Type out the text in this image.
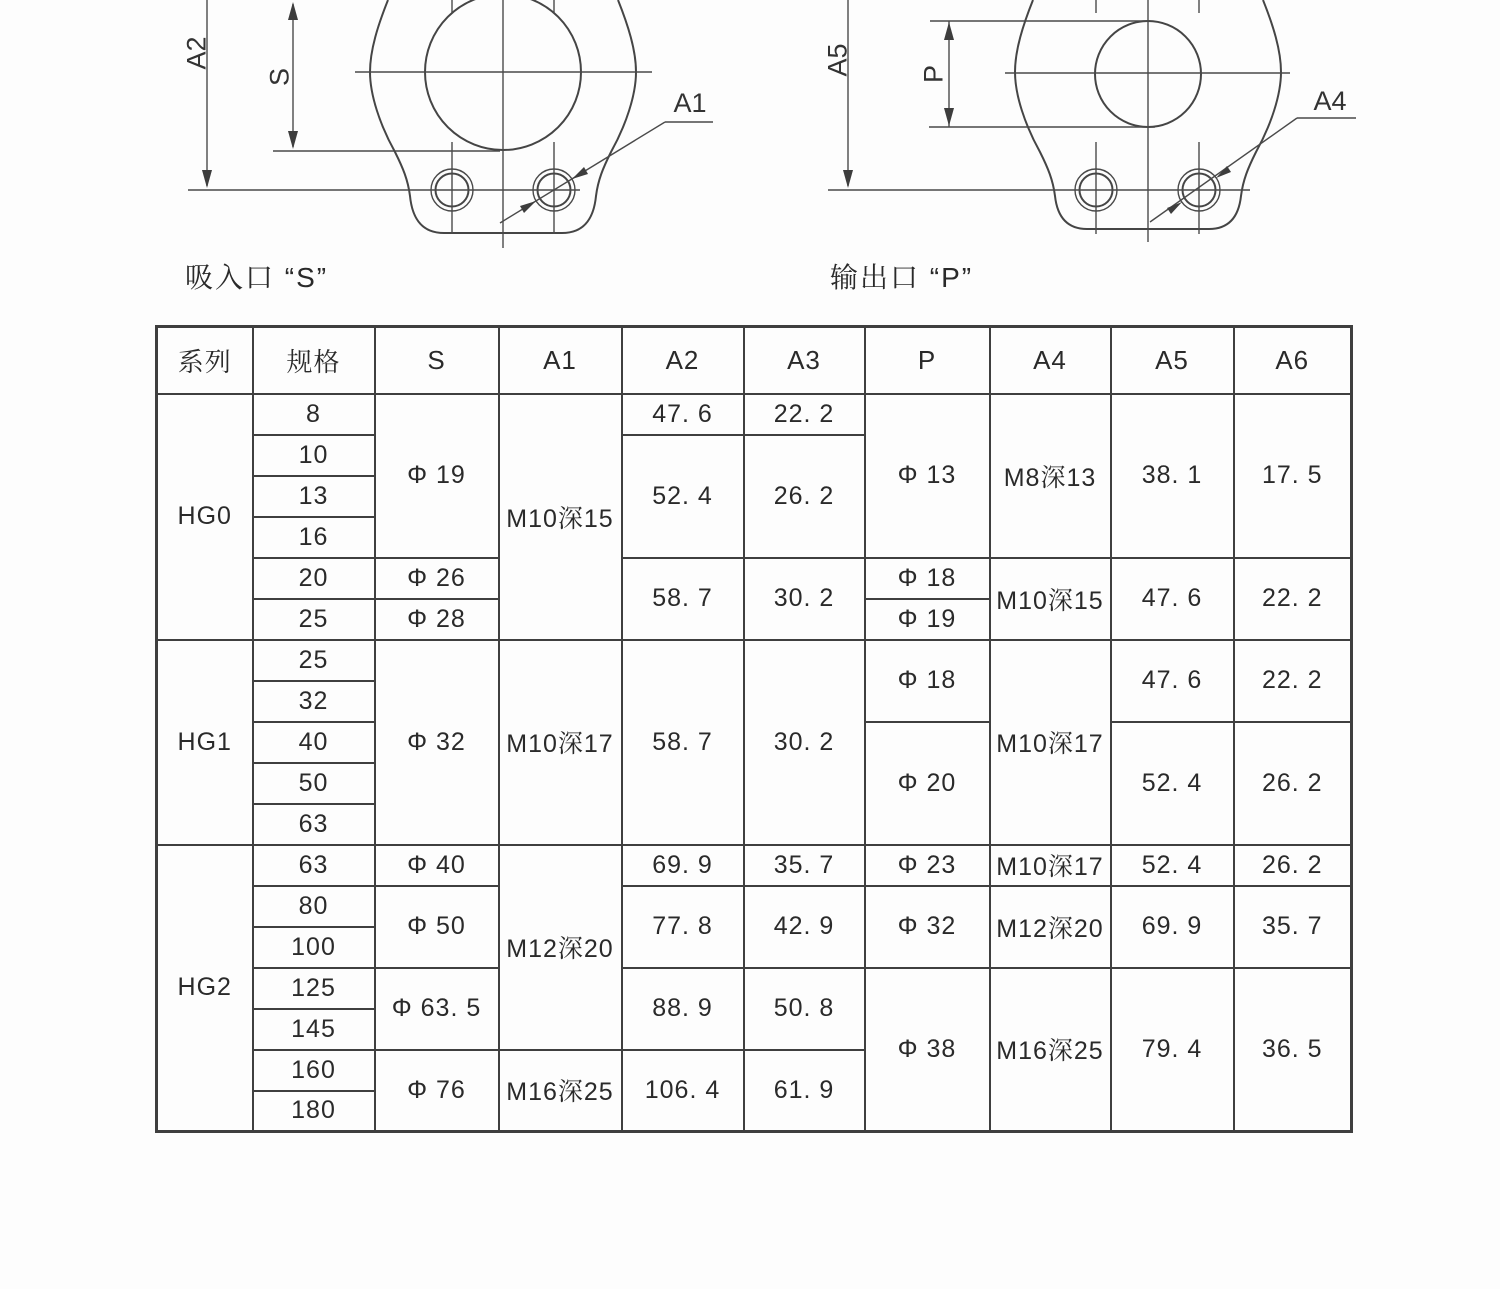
A2
S
A1
A5 P
A4
吸入口 “S”	输出口 “P”
系列	规格	S	A1	A2	A3	P	A4	A5	A6
HG0	8	Φ 19	M10深15	47. 6	22. 2	Φ 13	M8深13	38. 1	17. 5
	10			52. 4	26. 2				
	13								
	16								
	20	Φ 26		58. 7	30. 2	Φ 18	M10深15	47. 6	22. 2
	25	Φ 28				Φ 19			
HG1	25	Φ 32	M10深17	58. 7	30. 2	Φ 18	M10深17	47. 6	22. 2
	32								
	40					Φ 20		52. 4	26. 2
	50								
	63								
HG2	63	Φ 40	M12深20	69. 9	35. 7	Φ 23	M10深17	52. 4	26. 2
	80	Φ 50		77. 8	42. 9	Φ 32	M12深20	69. 9	35. 7
	100								
	125	Φ 63. 5		88. 9	50. 8	Φ 38	M16深25	79. 4	36. 5
	145								
	160	Φ 76	M16深25	106. 4	61. 9				
	180								
